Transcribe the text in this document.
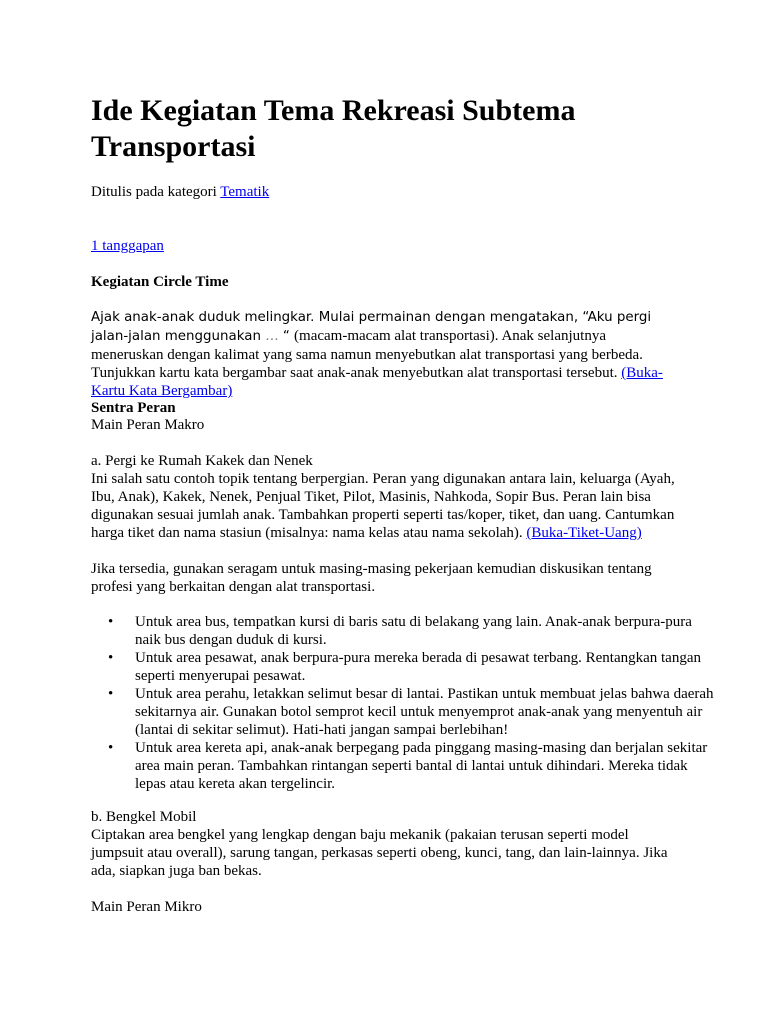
Ide Kegiatan Tema Rekreasi Subtema Transportasi

Ditulis pada kategori Tematik

1 tanggapan

Kegiatan Circle Time

Ajak anak-anak duduk melingkar. Mulai permainan dengan mengatakan, “Aku pergi jalan-jalan menggunakan … “ (macam-macam alat transportasi). Anak selanjutnya meneruskan dengan kalimat yang sama namun menyebutkan alat transportasi yang berbeda. Tunjukkan kartu kata bergambar saat anak-anak menyebutkan alat transportasi tersebut. (Buka-Kartu Kata Bergambar)

Sentra Peran

Main Peran Makro

a. Pergi ke Rumah Kakek dan Nenek

Ini salah satu contoh topik tentang berpergian. Peran yang digunakan antara lain, keluarga (Ayah, Ibu, Anak), Kakek, Nenek, Penjual Tiket, Pilot, Masinis, Nahkoda, Sopir Bus. Peran lain bisa digunakan sesuai jumlah anak. Tambahkan properti seperti tas/koper, tiket, dan uang. Cantumkan harga tiket dan nama stasiun (misalnya: nama kelas atau nama sekolah). (Buka-Tiket-Uang)

Jika tersedia, gunakan seragam untuk masing-masing pekerjaan kemudian diskusikan tentang profesi yang berkaitan dengan alat transportasi.

• Untuk area bus, tempatkan kursi di baris satu di belakang yang lain. Anak-anak berpura-pura naik bus dengan duduk di kursi.
• Untuk area pesawat, anak berpura-pura mereka berada di pesawat terbang. Rentangkan tangan seperti menyerupai pesawat.
• Untuk area perahu, letakkan selimut besar di lantai. Pastikan untuk membuat jelas bahwa daerah sekitarnya air. Gunakan botol semprot kecil untuk menyemprot anak-anak yang menyentuh air (lantai di sekitar selimut). Hati-hati jangan sampai berlebihan!
• Untuk area kereta api, anak-anak berpegang pada pinggang masing-masing dan berjalan sekitar area main peran. Tambahkan rintangan seperti bantal di lantai untuk dihindari. Mereka tidak lepas atau kereta akan tergelincir.

b. Bengkel Mobil

Ciptakan area bengkel yang lengkap dengan baju mekanik (pakaian terusan seperti model jumpsuit atau overall), sarung tangan, perkasas seperti obeng, kunci, tang, dan lain-lainnya. Jika ada, siapkan juga ban bekas.

Main Peran Mikro
